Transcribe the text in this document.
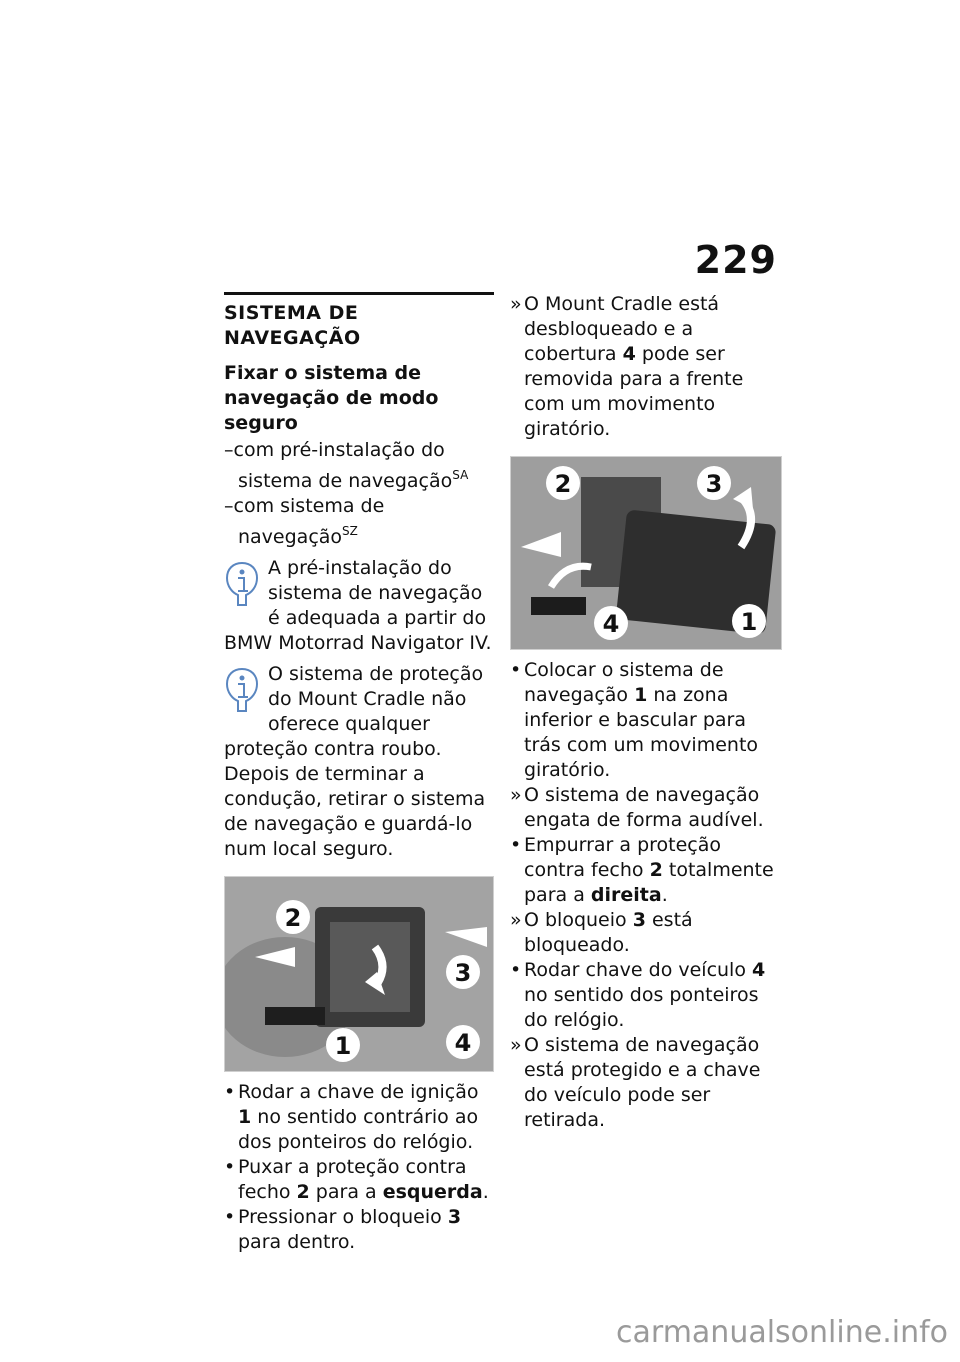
229
SISTEMA DE NAVEGAÇÃO
Fixar o sistema de navegação de modo seguro
–com pré-instalação do sistema de navegação$^{SA}$
–com sistema de navegação$^{SZ}$
A pré-instalação do sistema de navegação é adequada a partir do BMW Motorrad Navigator IV.
O sistema de proteção do Mount Cradle não oferece qualquer proteção contra roubo.
Depois de terminar a condução, retirar o sistema de navegação e guardá-lo num local seguro.
2
3
1	4
• Rodar a chave de ignição 1 no sentido contrário ao dos ponteiros do relógio.
• Puxar a proteção contra fecho 2 para a esquerda.
• Pressionar o bloqueio 3 para dentro.
» O Mount Cradle está desbloqueado e a cobertura 4 pode ser removida para a frente com um movimento giratório.
2	3
4	1
• Colocar o sistema de navegação 1 na zona inferior e bascular para trás com um movimento giratório.
» O sistema de navegação engata de forma audível.
• Empurrar a proteção contra fecho 2 totalmente para a direita.
» O bloqueio 3 está bloqueado.
• Rodar chave do veículo 4 no sentido dos ponteiros do relógio.
» O sistema de navegação está protegido e a chave do veículo pode ser retirada.
carmanualsonline.info
